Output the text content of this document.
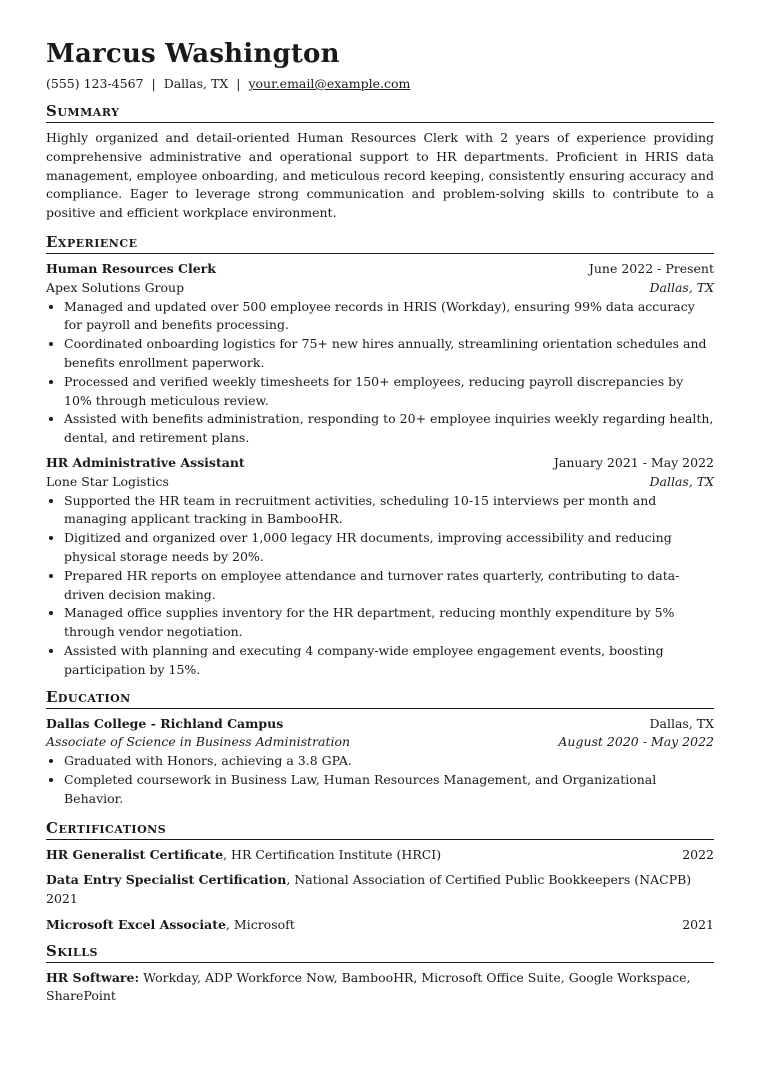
Marcus Washington
(555) 123-4567 | Dallas, TX | your.email@example.com
Summary

Highly organized and detail-oriented Human Resources Clerk with 2 years of experience providing comprehensive administrative and operational support to HR departments. Proficient in HRIS data management, employee onboarding, and meticulous record keeping, consistently ensuring accuracy and compliance. Eager to leverage strong communication and problem-solving skills to contribute to a positive and efficient workplace environment.

Experience
Human Resources Clerk	June 2022 - Present
Apex Solutions Group	Dallas, TX
• Managed and updated over 500 employee records in HRIS (Workday), ensuring 99% data accuracy for payroll and benefits processing.
• Coordinated onboarding logistics for 75+ new hires annually, streamlining orientation schedules and benefits enrollment paperwork.
• Processed and verified weekly timesheets for 150+ employees, reducing payroll discrepancies by 10% through meticulous review.
• Assisted with benefits administration, responding to 20+ employee inquiries weekly regarding health, dental, and retirement plans.
HR Administrative Assistant	January 2021 - May 2022
Lone Star Logistics	Dallas, TX
• Supported the HR team in recruitment activities, scheduling 10-15 interviews per month and managing applicant tracking in BambooHR.
• Digitized and organized over 1,000 legacy HR documents, improving accessibility and reducing physical storage needs by 20%.
• Prepared HR reports on employee attendance and turnover rates quarterly, contributing to data-driven decision making.
• Managed office supplies inventory for the HR department, reducing monthly expenditure by 5% through vendor negotiation.
• Assisted with planning and executing 4 company-wide employee engagement events, boosting participation by 15%.
Education
Dallas College - Richland Campus	Dallas, TX
Associate of Science in Business Administration	August 2020 - May 2022
• Graduated with Honors, achieving a 3.8 GPA.
• Completed coursework in Business Law, Human Resources Management, and Organizational Behavior.
Certifications
HR Generalist Certificate, HR Certification Institute (HRCI)	2022
Data Entry Specialist Certification, National Association of Certified Public Bookkeepers (NACPB)
2021
Microsoft Excel Associate, Microsoft	2021
Skills

HR Software: Workday, ADP Workforce Now, BambooHR, Microsoft Office Suite, Google Workspace, SharePoint
